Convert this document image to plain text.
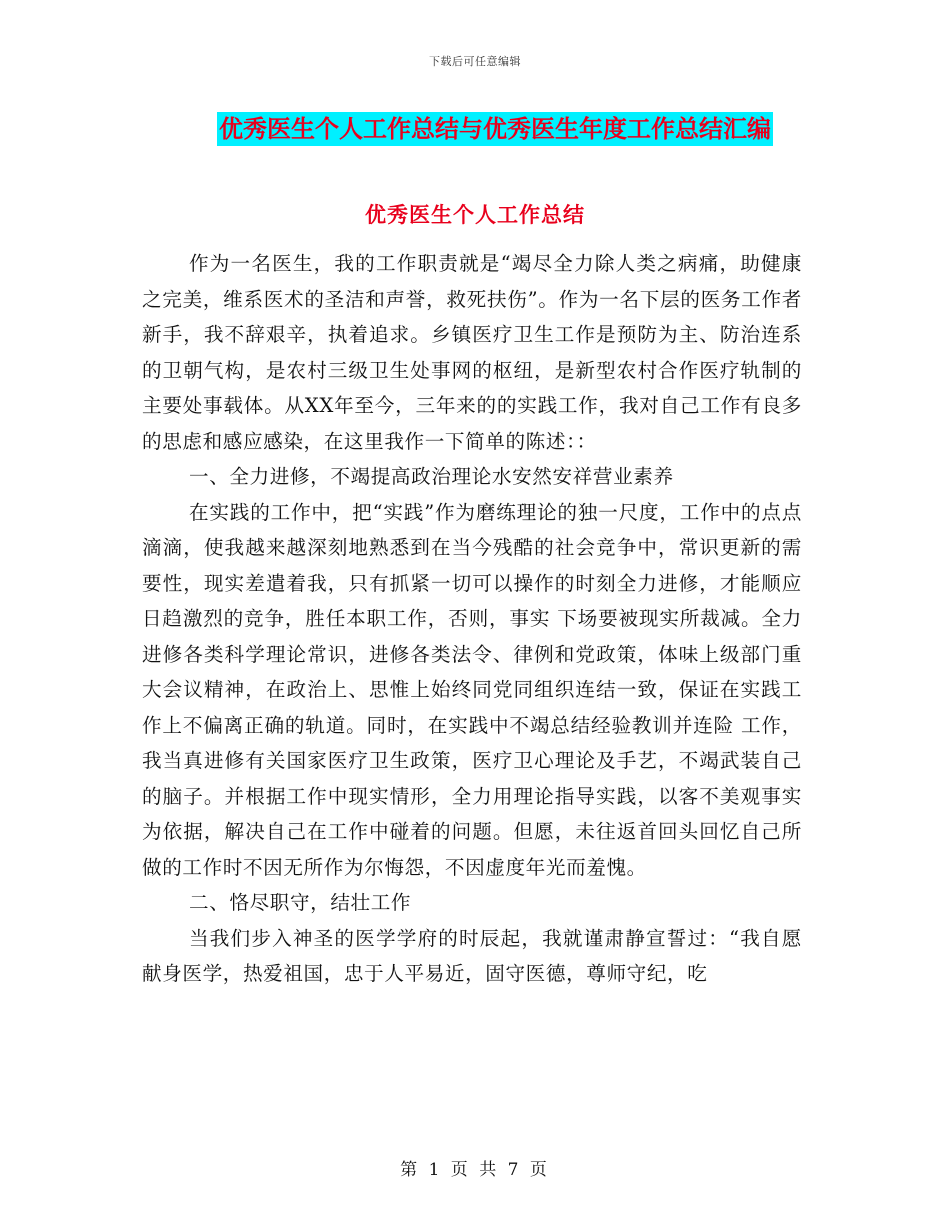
下载后可任意编辑
优秀医生个人工作总结与优秀医生年度工作总结汇编
优秀医生个人工作总结

作为一名医生，我的工作职责就是“竭尽全力除人类之病痛，助健康之完美，维系医术的圣洁和声誉，救死扶伤”。作为一名下层的医务工作者新手，我不辞艰辛，执着追求。乡镇医疗卫生工作是预防为主、防治连系的卫朝气构，是农村三级卫生处事网的枢纽，是新型农村合作医疗轨制的主要处事载体。从XX年至今，三年来的的实践工作，我对自己工作有良多的思虑和感应感染，在这里我作一下简单的陈述：：

一、全力进修，不竭提高政治理论水安然安祥营业素养

在实践的工作中，把“实践”作为磨练理论的独一尺度，工作中的点点滴滴，使我越来越深刻地熟悉到在当今残酷的社会竞争中，常识更新的需要性，现实差遣着我，只有抓紧一切可以操作的时刻全力进修，才能顺应日趋激烈的竞争，胜任本职工作，否则，事实 下场要被现实所裁减。全力进修各类科学理论常识，进修各类法令、律例和党政策，体味上级部门重大会议精神，在政治上、思惟上始终同党同组织连结一致，保证在实践工作上不偏离正确的轨道。同时，在实践中不竭总结经验教训并连险 工作，我当真进修有关国家医疗卫生政策，医疗卫心理论及手艺，不竭武装自己的脑子。并根据工作中现实情形，全力用理论指导实践，以客不美观事实为依据，解决自己在工作中碰着的问题。但愿，未往返首回头回忆自己所做的工作时不因无所作为尔悔怨，不因虚度年光而羞愧。

二、恪尽职守，结壮工作

当我们步入神圣的医学学府的时辰起，我就谨肃静宣誓过：“我自愿献身医学，热爱祖国，忠于人平易近，固守医德，尊师守纪，吃

第 1 页 共 7 页
